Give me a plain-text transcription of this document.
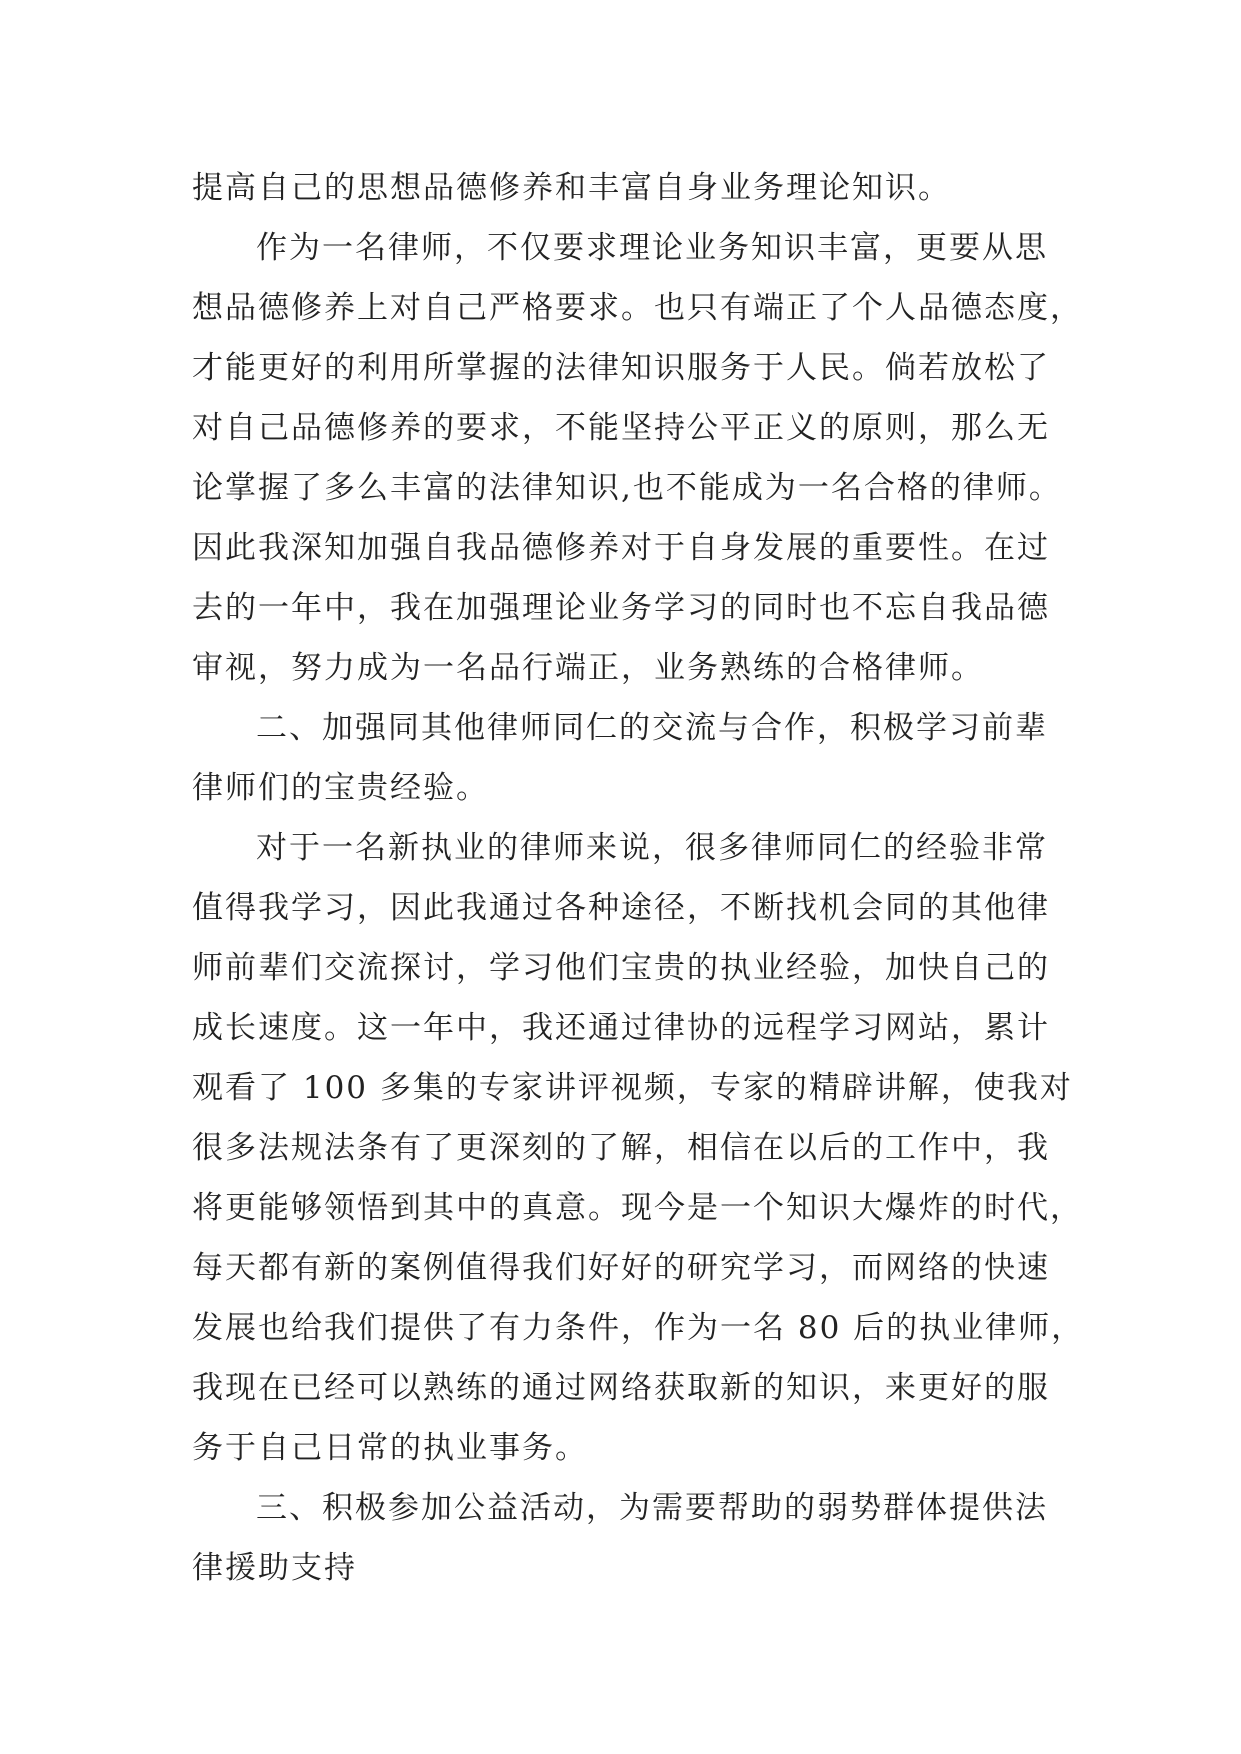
提高自己的思想品德修养和丰富自身业务理论知识。
作为一名律师，不仅要求理论业务知识丰富，更要从思
想品德修养上对自己严格要求。也只有端正了个人品德态度，
才能更好的利用所掌握的法律知识服务于人民。倘若放松了
对自己品德修养的要求，不能坚持公平正义的原则，那么无
论掌握了多么丰富的法律知识,也不能成为一名合格的律师。
因此我深知加强自我品德修养对于自身发展的重要性。在过
去的一年中，我在加强理论业务学习的同时也不忘自我品德
审视，努力成为一名品行端正，业务熟练的合格律师。
二、加强同其他律师同仁的交流与合作，积极学习前辈
律师们的宝贵经验。
对于一名新执业的律师来说，很多律师同仁的经验非常
值得我学习，因此我通过各种途径，不断找机会同的其他律
师前辈们交流探讨，学习他们宝贵的执业经验，加快自己的
成长速度。这一年中，我还通过律协的远程学习网站，累计
观看了 100 多集的专家讲评视频，专家的精辟讲解，使我对
很多法规法条有了更深刻的了解，相信在以后的工作中，我
将更能够领悟到其中的真意。现今是一个知识大爆炸的时代，
每天都有新的案例值得我们好好的研究学习，而网络的快速
发展也给我们提供了有力条件，作为一名 80 后的执业律师，
我现在已经可以熟练的通过网络获取新的知识，来更好的服
务于自己日常的执业事务。
三、积极参加公益活动，为需要帮助的弱势群体提供法
律援助支持
